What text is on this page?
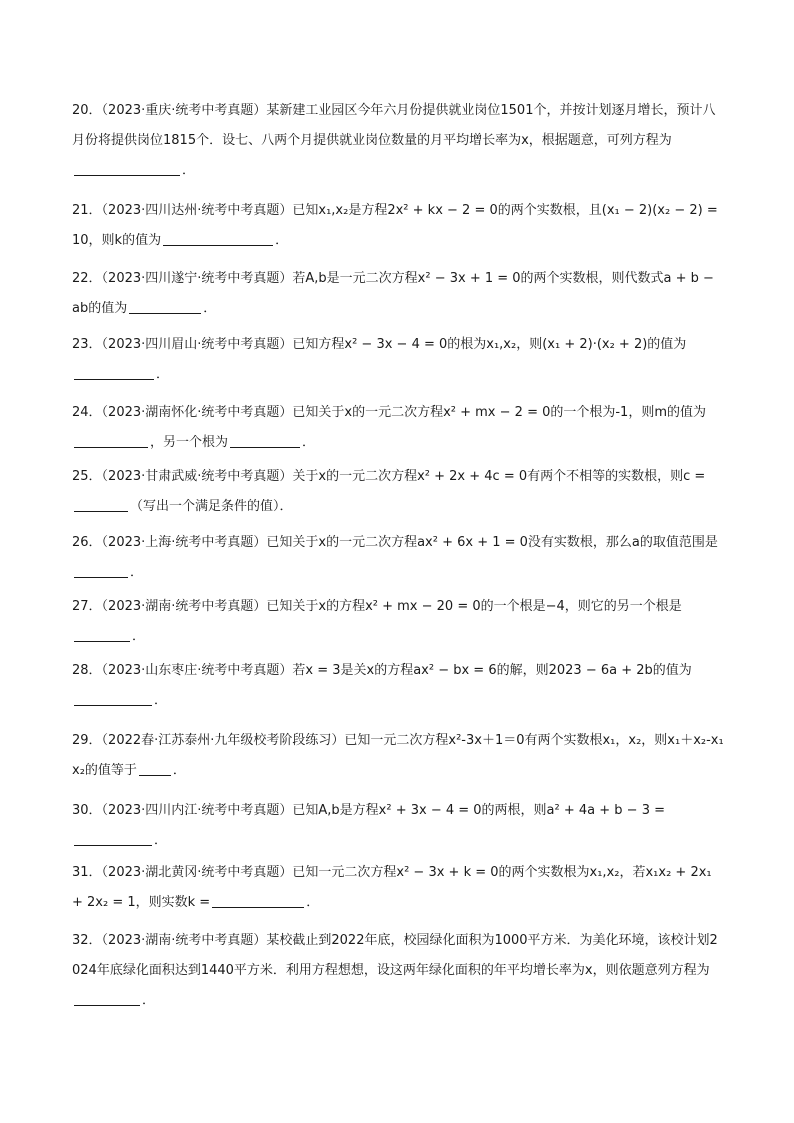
20．（2023·重庆·统考中考真题）某新建工业园区今年六月份提供就业岗位1501个，并按计划逐月增长，预计八月份将提供岗位1815个．设七、八两个月提供就业岗位数量的月平均增长率为x，根据题意，可列方程为．

21．（2023·四川达州·统考中考真题）已知x₁,x₂是方程2x² + kx − 2 = 0的两个实数根，且(x₁ − 2)(x₂ − 2) = 10，则k的值为	．

22．（2023·四川遂宁·统考中考真题）若A,b是一元二次方程x² − 3x + 1 = 0的两个实数根，则代数式a + b − ab的值为	．

23．（2023·四川眉山·统考中考真题）已知方程x² − 3x − 4 = 0的根为x₁,x₂，则(x₁ + 2)·(x₂ + 2)的值为．

24．（2023·湖南怀化·统考中考真题）已知关于x的一元二次方程x² + mx − 2 = 0的一个根为-1，则m的值为，另一个根为	．

25．（2023·甘肃武威·统考中考真题）关于x的一元二次方程x² + 2x + 4c = 0有两个不相等的实数根，则c =（写出一个满足条件的值）．

26．（2023·上海·统考中考真题）已知关于x的一元二次方程ax² + 6x + 1 = 0没有实数根，那么a的取值范围是．

27．（2023·湖南·统考中考真题）已知关于x的方程x² + mx − 20 = 0的一个根是−4，则它的另一个根是．

28．（2023·山东枣庄·统考中考真题）若x = 3是关x的方程ax² − bx = 6的解，则2023 − 6a + 2b的值为．

29．（2022春·江苏泰州·九年级校考阶段练习）已知一元二次方程x²-3x＋1＝0有两个实数根x₁，x₂，则x₁＋x₂-x₁x₂的值等于	．

30．（2023·四川内江·统考中考真题）已知A,b是方程x² + 3x − 4 = 0的两根，则a² + 4a + b − 3 =．

31．（2023·湖北黄冈·统考中考真题）已知一元二次方程x² − 3x + k = 0的两个实数根为x₁,x₂，若x₁x₂ + 2x₁ + 2x₂ = 1，则实数k =	．

32．（2023·湖南·统考中考真题）某校截止到2022年底，校园绿化面积为1000平方米．为美化环境，该校计划2024年底绿化面积达到1440平方米．利用方程想想，设这两年绿化面积的年平均增长率为x，则依题意列方程为．
